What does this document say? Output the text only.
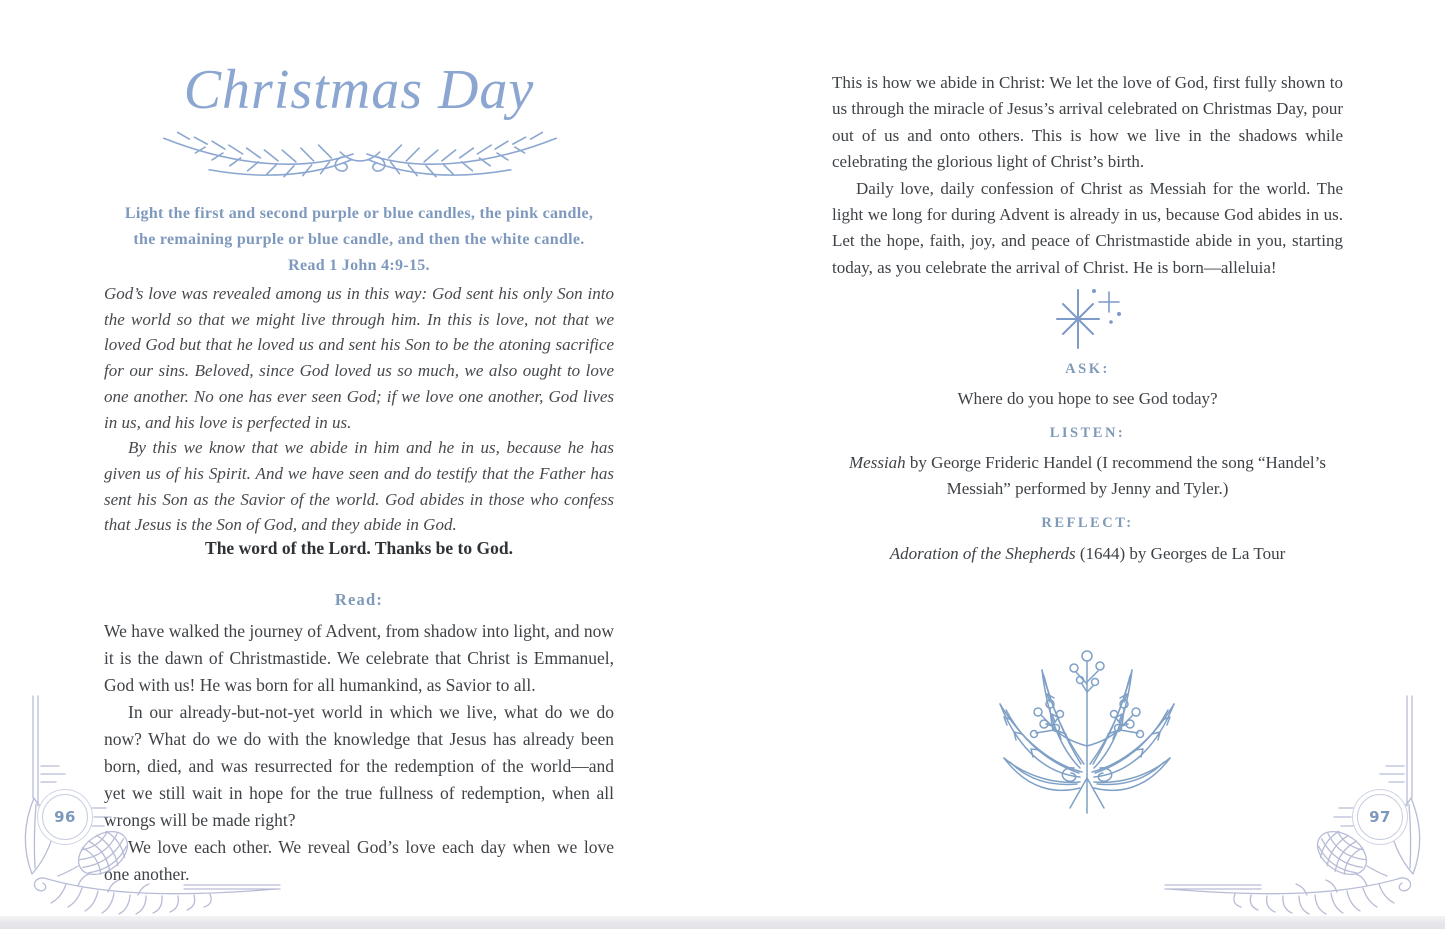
Christmas Day
Light the first and second purple or blue candles, the pink candle,
the remaining purple or blue candle, and then the white candle.
Read 1 John 4:9-15.

God’s love was revealed among us in this way: God sent his only Son into the world so that we might live through him. In this is love, not that we loved God but that he loved us and sent his Son to be the atoning sacrifice for our sins. Beloved, since God loved us so much, we also ought to love one another. No one has ever seen God; if we love one another, God lives in us, and his love is perfected in us.

By this we know that we abide in him and he in us, because he has given us of his Spirit. And we have seen and do testify that the Father has sent his Son as the Savior of the world. God abides in those who confess that Jesus is the Son of God, and they abide in God.

The word of the Lord. Thanks be to God.
Read:

We have walked the journey of Advent, from shadow into light, and now it is the dawn of Christmastide. We celebrate that Christ is Emmanuel, God with us! He was born for all humankind, as Savior to all.

In our already-but-not-yet world in which we live, what do we do now? What do we do with the knowledge that Jesus has already been born, died, and was resurrected for the redemption of the world—and yet we still wait in hope for the true fullness of redemption, when all wrongs will be made right?

We love each other. We reveal God’s love each day when we love one another.

This is how we abide in Christ: We let the love of God, first fully shown to us through the miracle of Jesus’s arrival celebrated on Christmas Day, pour out of us and onto others. This is how we live in the shadows while celebrating the glorious light of Christ’s birth.

Daily love, daily confession of Christ as Messiah for the world. The light we long for during Advent is already in us, because God abides in us. Let the hope, faith, joy, and peace of Christmastide abide in you, starting today, as you celebrate the arrival of Christ. He is born—alleluia!

ASK:
Where do you hope to see God today?
LISTEN:
Messiah by George Frideric Handel (I recommend the song “Handel’s Messiah” performed by Jenny and Tyler.)
REFLECT:
Adoration of the Shepherds (1644) by Georges de La Tour
96	97
